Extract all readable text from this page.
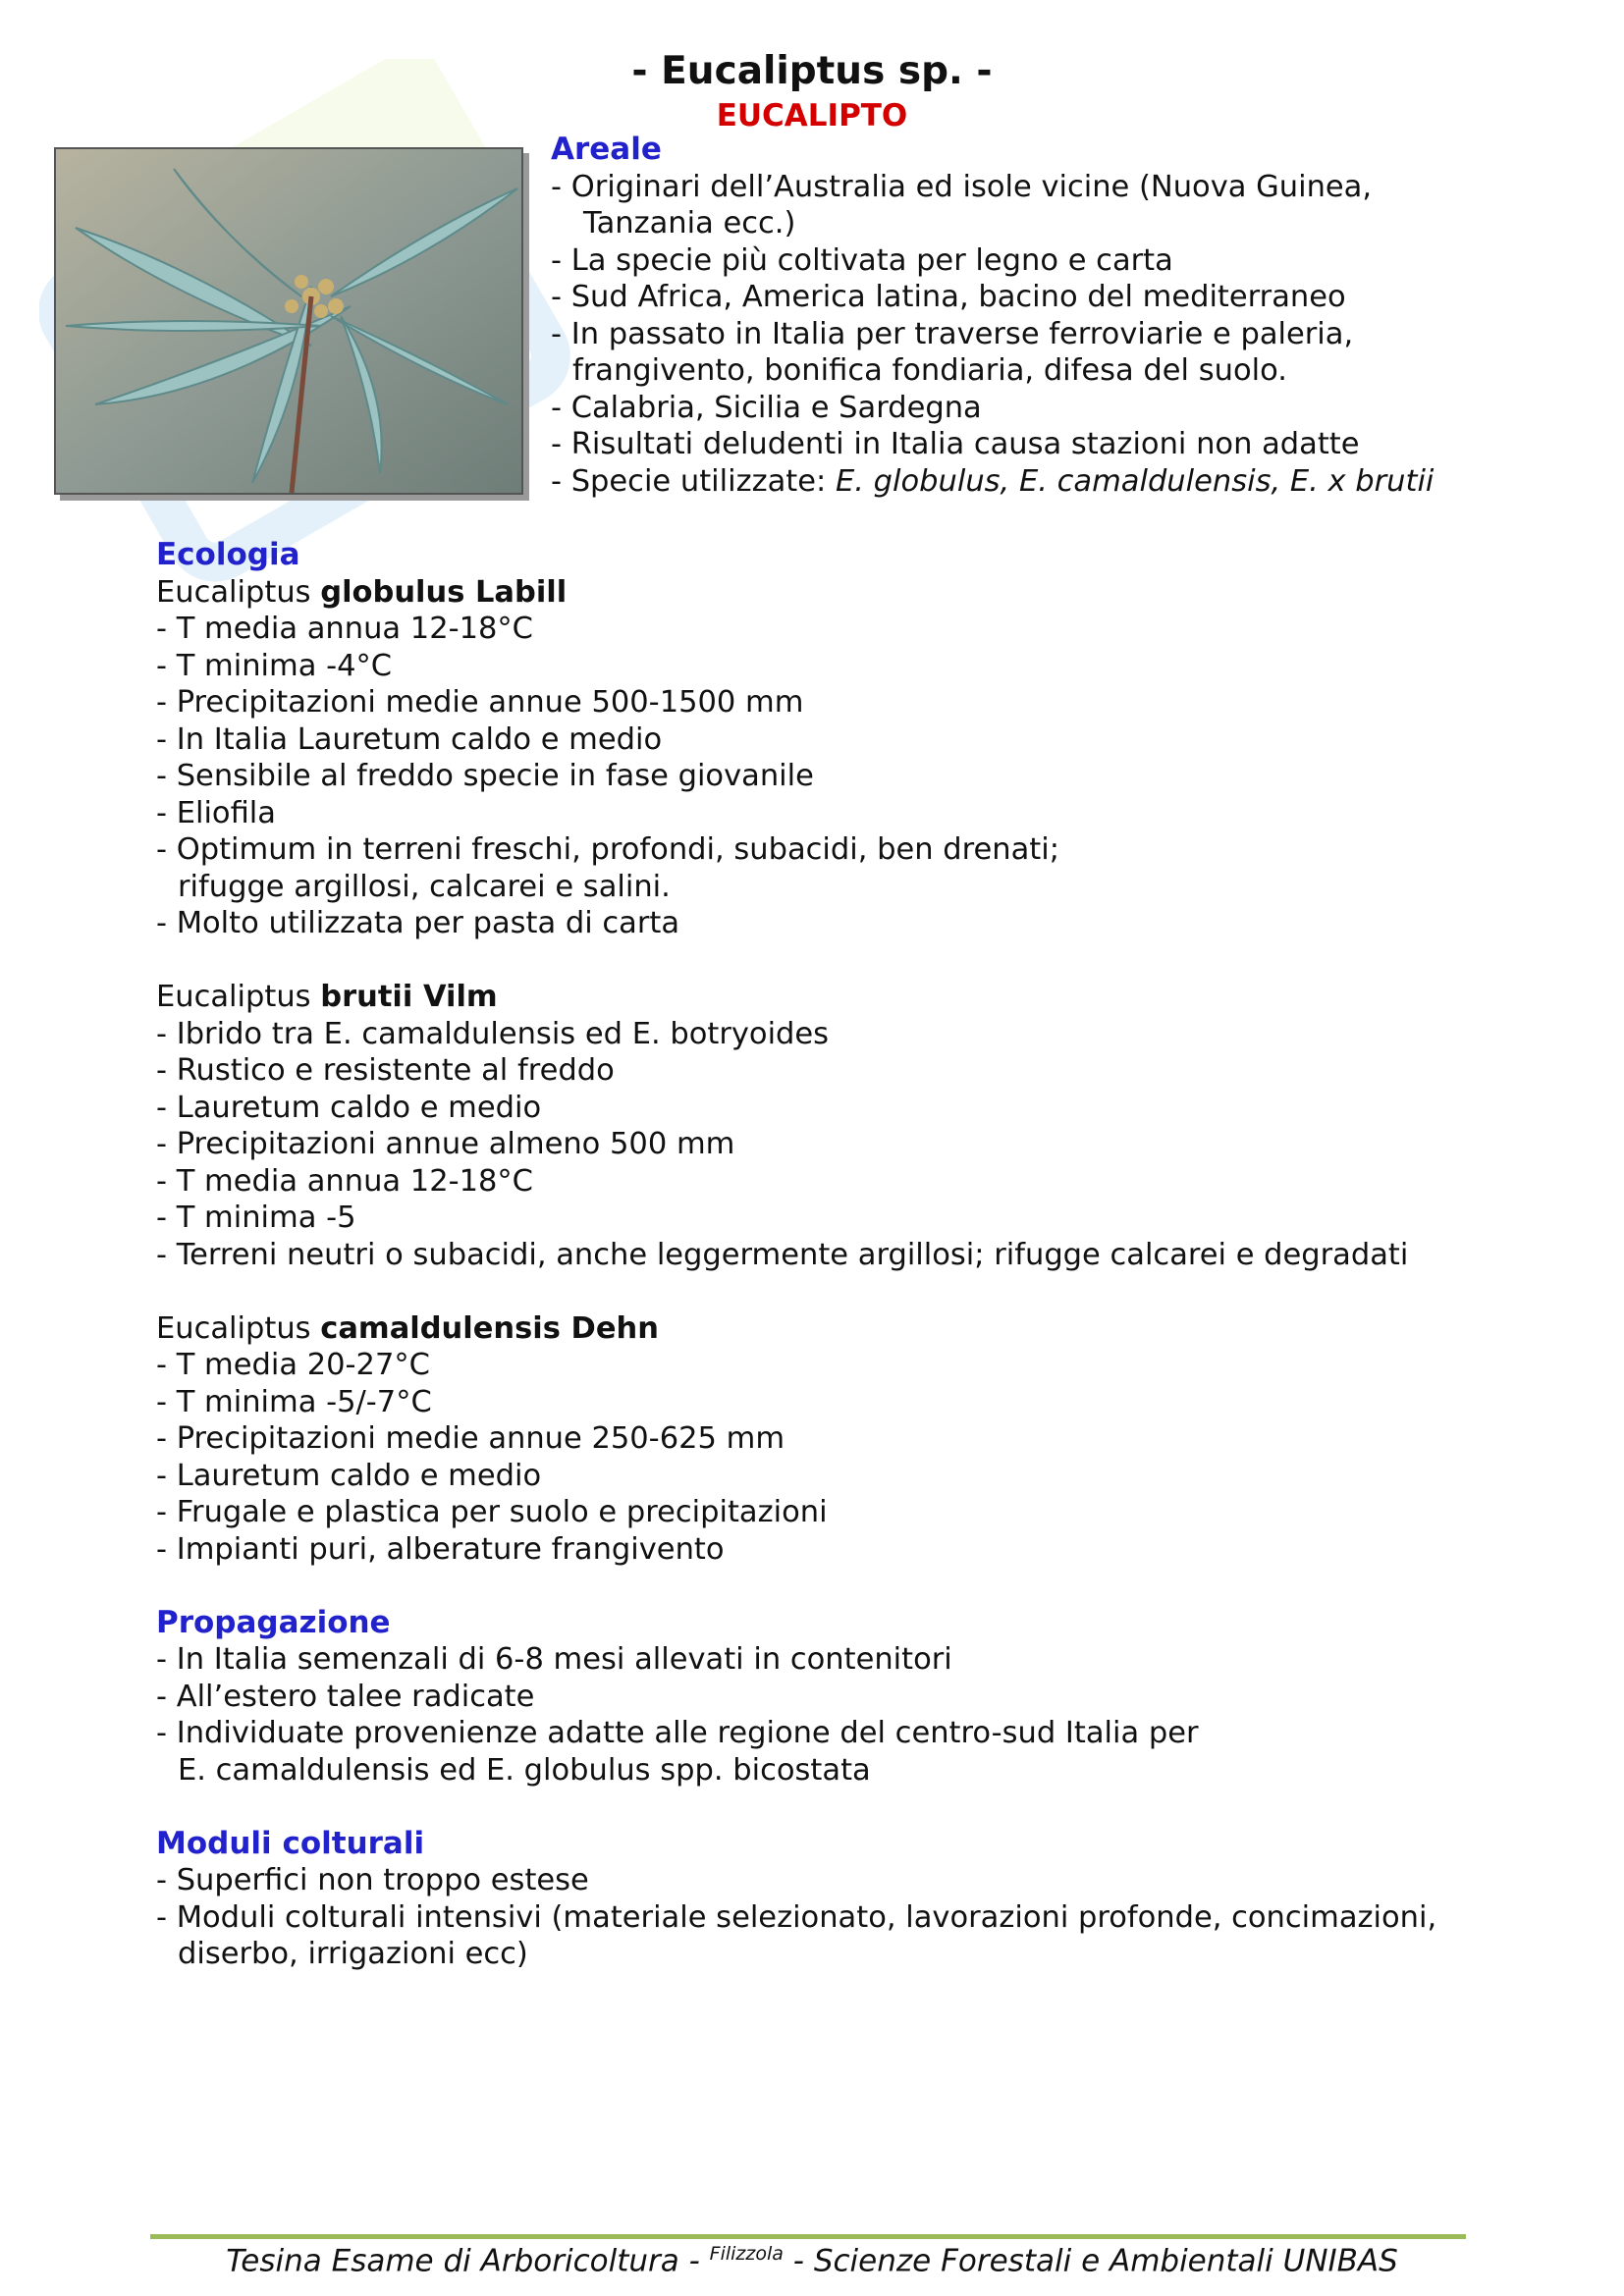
- Eucaliptus sp. -
EUCALIPTO
Areale
- Originari dell’Australia ed isole vicine (Nuova Guinea,
Tanzania ecc.)
- La specie più coltivata per legno e carta
- Sud Africa, America latina, bacino del mediterraneo
- In passato in Italia per traverse ferroviarie e paleria,
frangivento, bonifica fondiaria, difesa del suolo.
- Calabria, Sicilia e Sardegna
- Risultati deludenti in Italia causa stazioni non adatte
- Specie utilizzate: E. globulus, E. camaldulensis, E. x brutii
Ecologia
Eucaliptus globulus Labill
- T media annua 12-18°C
- T minima -4°C
- Precipitazioni medie annue 500-1500 mm
- In Italia Lauretum caldo e medio
- Sensibile al freddo specie in fase giovanile
- Eliofila
- Optimum in terreni freschi, profondi, subacidi, ben drenati;
rifugge argillosi, calcarei e salini.
- Molto utilizzata per pasta di carta
Eucaliptus brutii Vilm
- Ibrido tra E. camaldulensis ed E. botryoides
- Rustico e resistente al freddo
- Lauretum caldo e medio
- Precipitazioni annue almeno 500 mm
- T media annua 12-18°C
- T minima -5
- Terreni neutri o subacidi, anche leggermente argillosi; rifugge calcarei e degradati
Eucaliptus camaldulensis Dehn
- T media 20-27°C
- T minima -5/-7°C
- Precipitazioni medie annue 250-625 mm
- Lauretum caldo e medio
- Frugale e plastica per suolo e precipitazioni
- Impianti puri, alberature frangivento
Propagazione
- In Italia semenzali di 6-8 mesi allevati in contenitori
- All’estero talee radicate
- Individuate provenienze adatte alle regione del centro-sud Italia per
E. camaldulensis ed E. globulus spp. bicostata
Moduli colturali
- Superfici non troppo estese
- Moduli colturali intensivi (materiale selezionato, lavorazioni profonde, concimazioni,
diserbo, irrigazioni ecc)
Tesina Esame di Arboricoltura - $^{Filizzola}$ - Scienze Forestali e Ambientali UNIBAS
